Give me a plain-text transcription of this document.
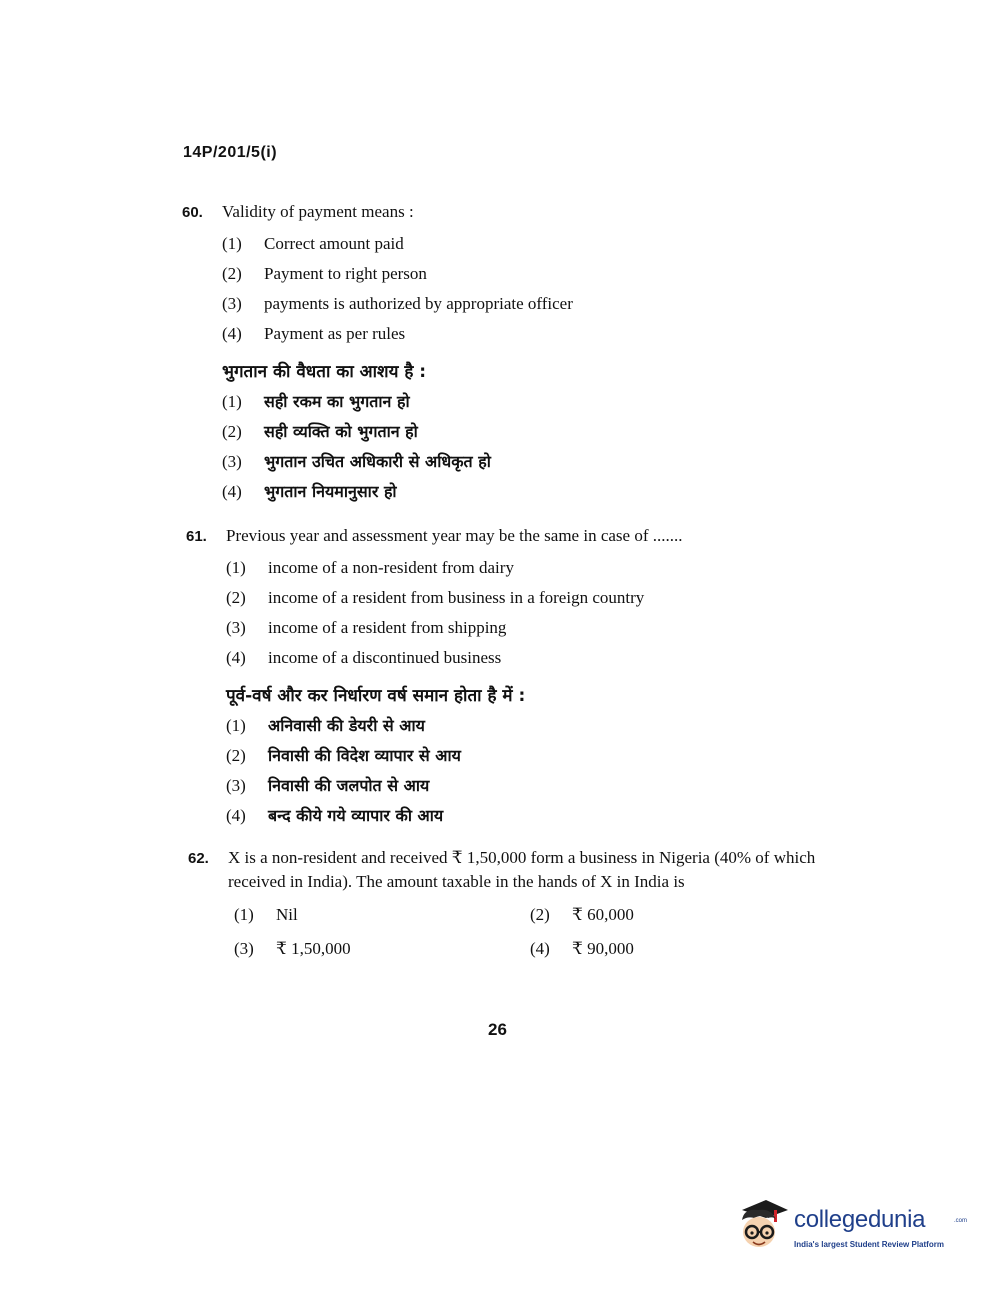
14P/201/5(i)
60. Validity of payment means :
(1) Correct amount paid
(2) Payment to right person
(3) payments is authorized by appropriate officer
(4) Payment as per rules
भुगतान की वैधता का आशय है :
(1) सही रकम का भुगतान हो
(2) सही व्यक्ति को भुगतान हो
(3) भुगतान उचित अधिकारी से अधिकृत हो
(4) भुगतान नियमानुसार हो
61. Previous year and assessment year may be the same in case of .......
(1) income of a non-resident from dairy
(2) income of a resident from business in a foreign country
(3) income of a resident from shipping
(4) income of a discontinued business
पूर्व-वर्ष और कर निर्धारण वर्ष समान होता है में :
(1) अनिवासी की डेयरी से आय
(2) निवासी की विदेश व्यापार से आय
(3) निवासी की जलपोत से आय
(4) बन्द कीये गये व्यापार की आय
62. X is a non-resident and received ₹ 1,50,000 form a business in Nigeria (40% of which received in India). The amount taxable in the hands of X in India is
(1) Nil	(2) ₹ 60,000
(3) ₹ 1,50,000	(4) ₹ 90,000
26
collegedunia	.com
India's largest Student Review Platform
